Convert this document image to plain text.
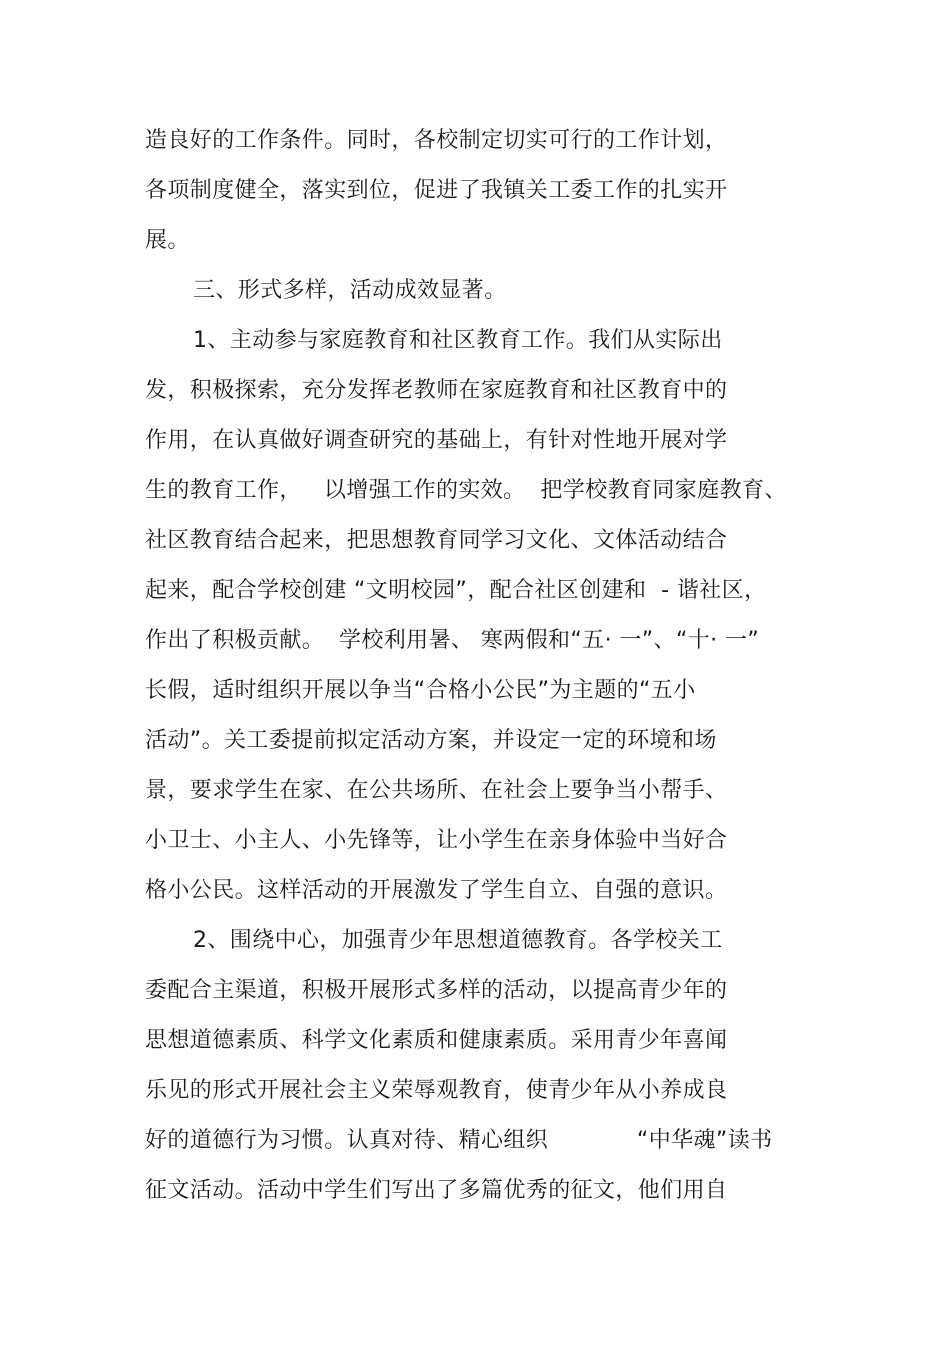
造良好的工作条件。同时，各校制定切实可行的工作计划，
各项制度健全，落实到位，促进了我镇关工委工作的扎实开
展。
三、形式多样，活动成效显著。
1、主动参与家庭教育和社区教育工作。我们从实际出
发，积极探索，充分发挥老教师在家庭教育和社区教育中的
作用，在认真做好调查研究的基础上，有针对性地开展对学
生的教育工作，   以增强工作的实效。  把学校教育同家庭教育、
社区教育结合起来，把思想教育同学习文化、文体活动结合
起来，配合学校创建 “文明校园”，配合社区创建和  - 谐社区，
作出了积极贡献。  学校利用暑、 寒两假和“五· 一”、“十· 一”
长假，适时组织开展以争当“合格小公民”为主题的“五小
活动”。关工委提前拟定活动方案，并设定一定的环境和场
景，要求学生在家、在公共场所、在社会上要争当小帮手、
小卫士、小主人、小先锋等，让小学生在亲身体验中当好合
格小公民。这样活动的开展激发了学生自立、自强的意识。
2、围绕中心，加强青少年思想道德教育。各学校关工
委配合主渠道，积极开展形式多样的活动，以提高青少年的
思想道德素质、科学文化素质和健康素质。采用青少年喜闻
乐见的形式开展社会主义荣辱观教育，使青少年从小养成良
好的道德行为习惯。认真对待、精心组织            “中华魂”读书
征文活动。活动中学生们写出了多篇优秀的征文，他们用自
